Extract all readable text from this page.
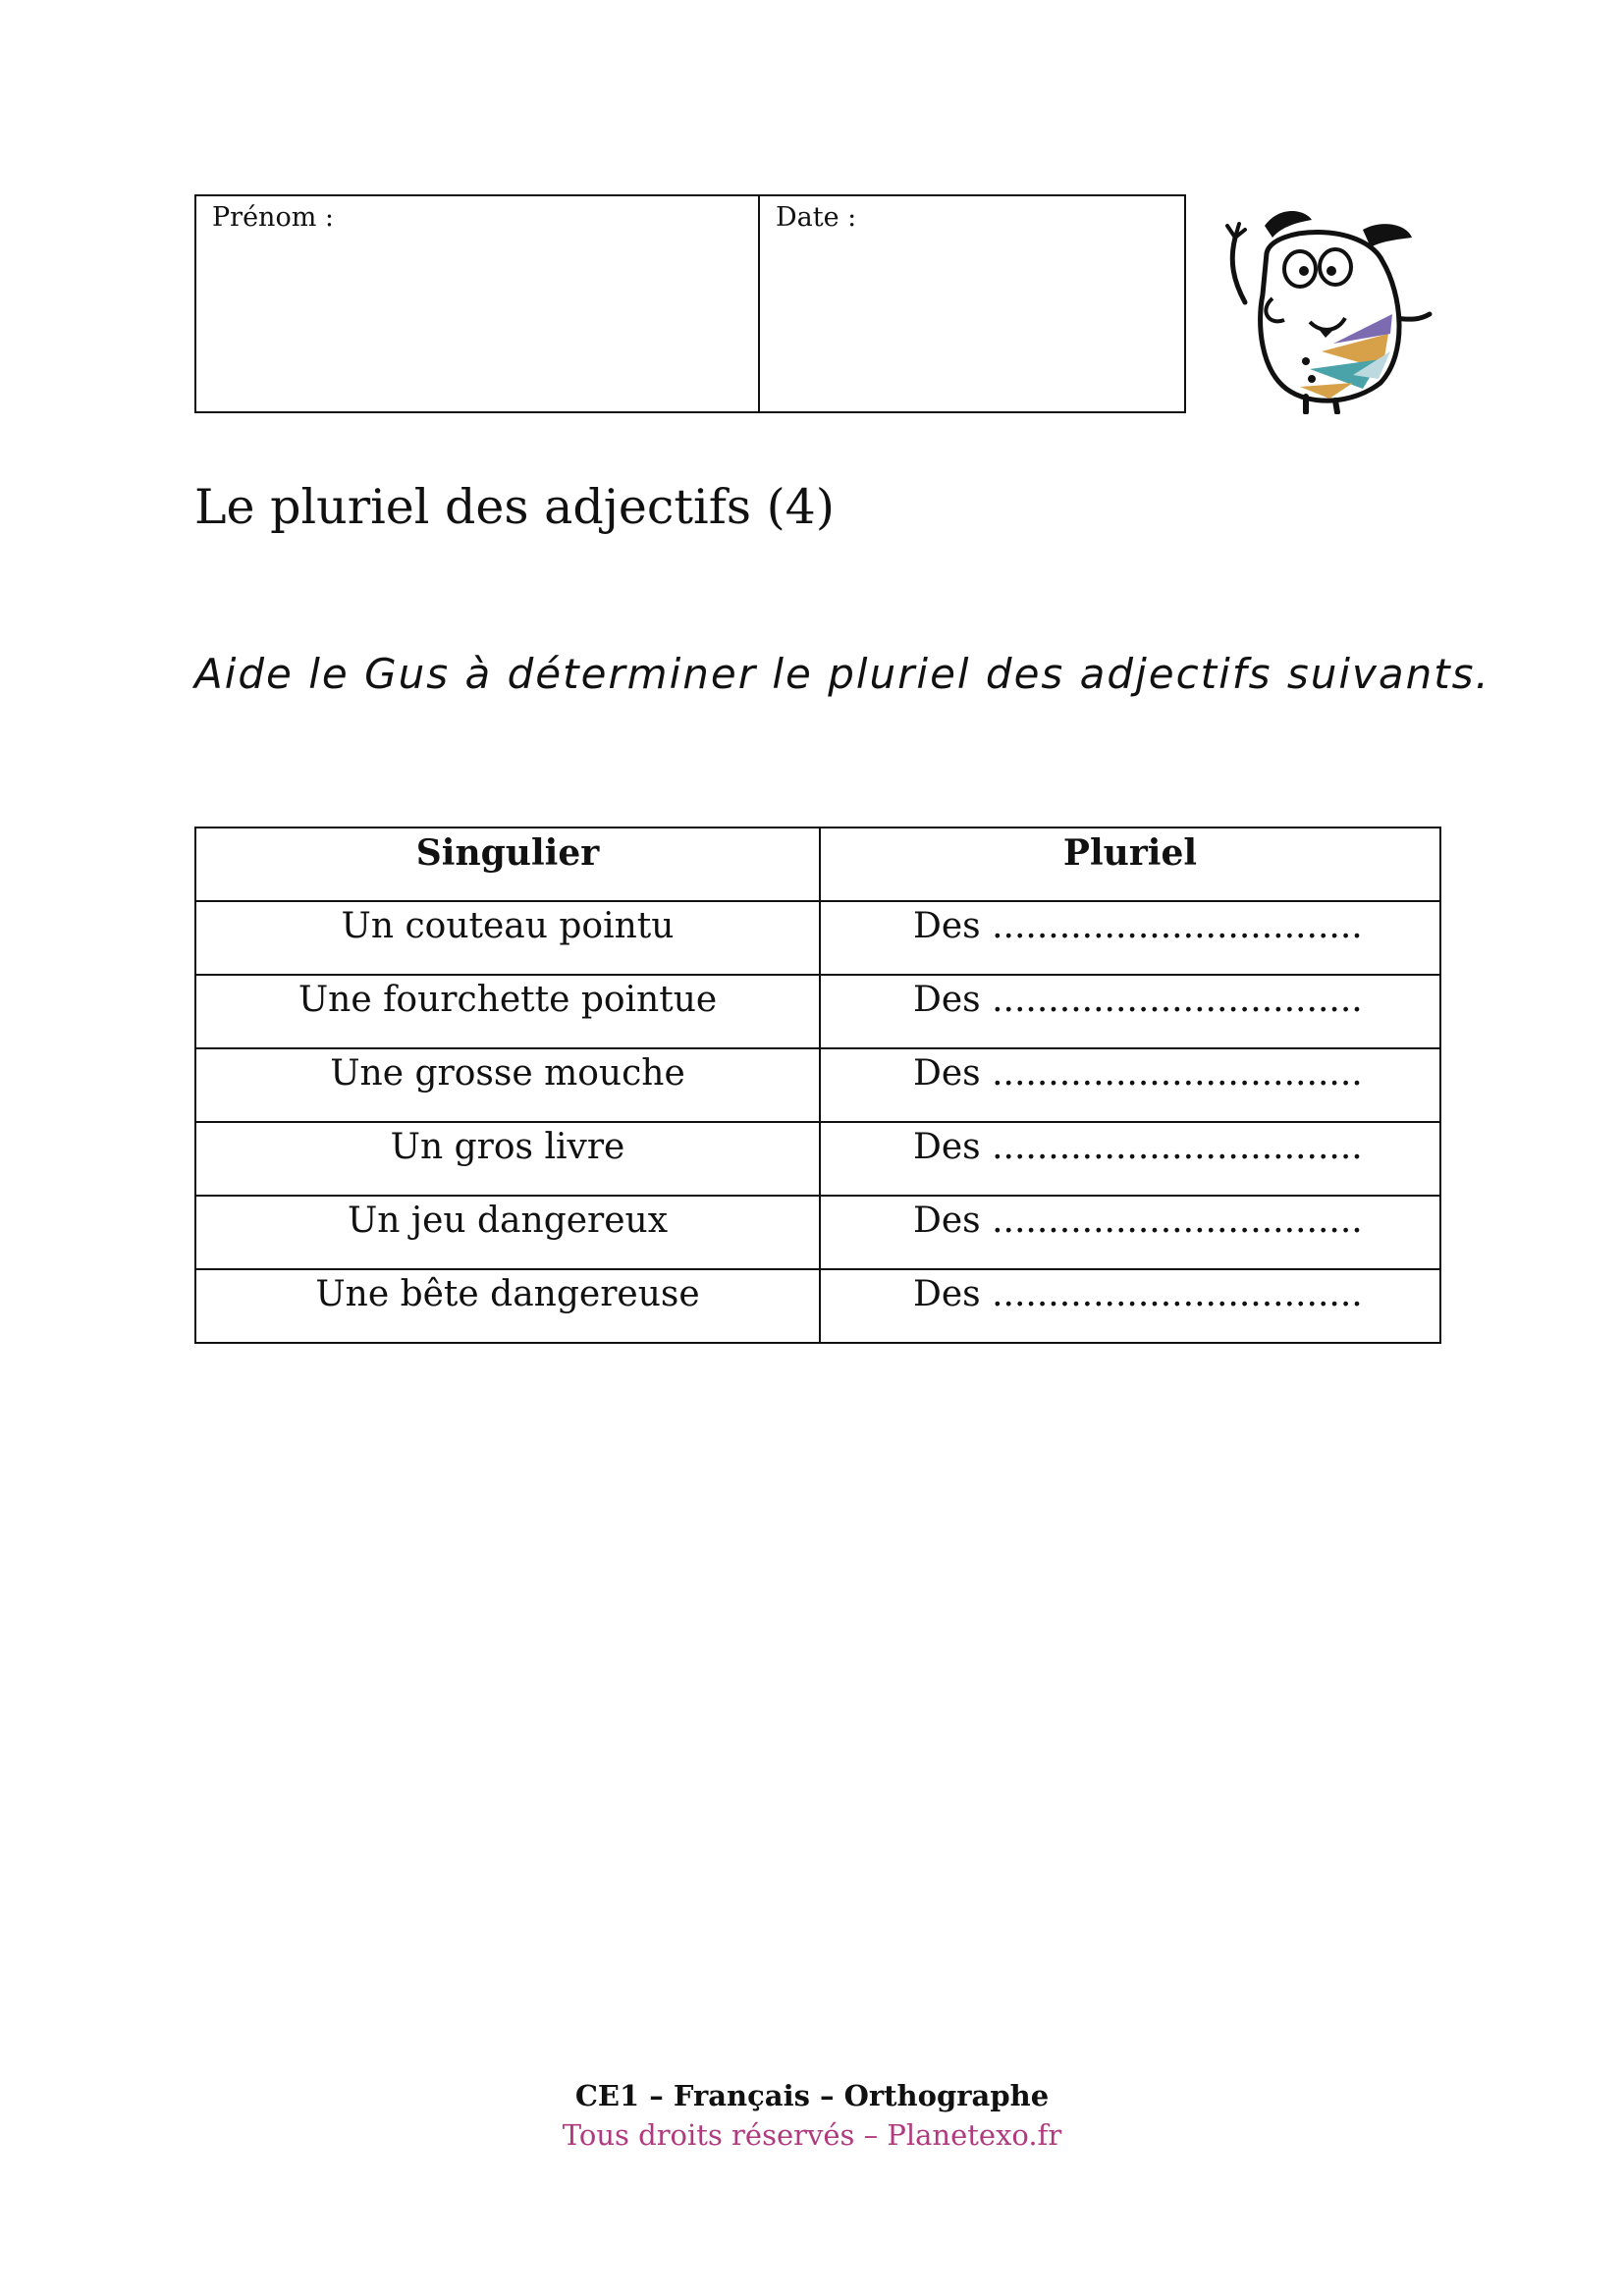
Prénom :	Date :
Le pluriel des adjectifs (4)
Aide le Gus à déterminer le pluriel des adjectifs suivants.
Singulier	Pluriel
Un couteau pointu	Des .................................
Une fourchette pointue	Des .................................
Une grosse mouche	Des .................................
Un gros livre	Des .................................
Un jeu dangereux	Des .................................
Une bête dangereuse	Des .................................
CE1 – Français – Orthographe
Tous droits réservés – Planetexo.fr
